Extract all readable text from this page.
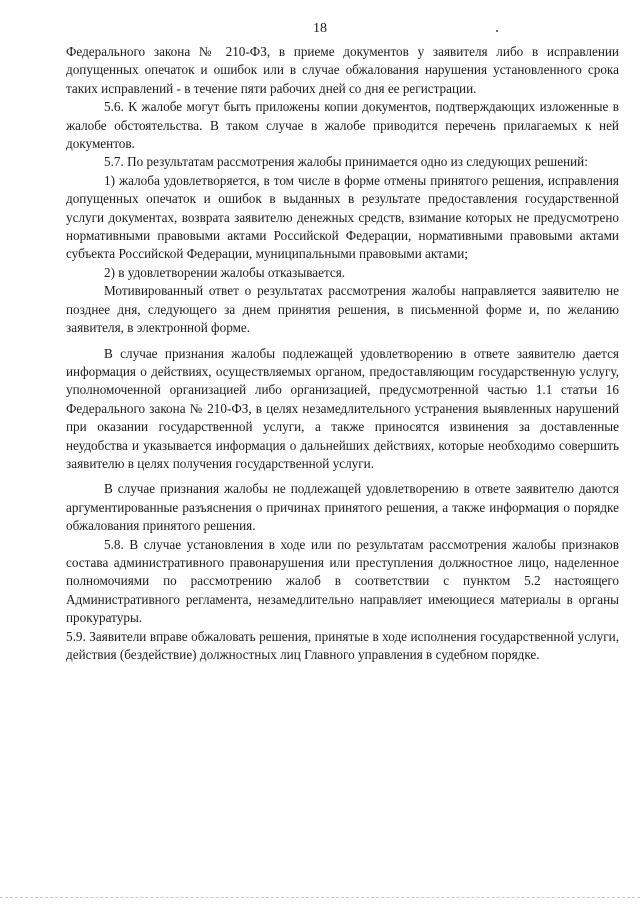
18

Федерального закона № 210-ФЗ, в приеме документов у заявителя либо в исправлении допущенных опечаток и ошибок или в случае обжалования нарушения установленного срока таких исправлений - в течение пяти рабочих дней со дня ее регистрации.

5.6. К жалобе могут быть приложены копии документов, подтверждающих изложенные в жалобе обстоятельства. В таком случае в жалобе приводится перечень прилагаемых к ней документов.

5.7. По результатам рассмотрения жалобы принимается одно из следующих решений:

1) жалоба удовлетворяется, в том числе в форме отмены принятого решения, исправления допущенных опечаток и ошибок в выданных в результате предоставления государственной услуги документах, возврата заявителю денежных средств, взимание которых не предусмотрено нормативными правовыми актами Российской Федерации, нормативными правовыми актами субъекта Российской Федерации, муниципальными правовыми актами;

2) в удовлетворении жалобы отказывается.

Мотивированный ответ о результатах рассмотрения жалобы направляется заявителю не позднее дня, следующего за днем принятия решения, в письменной форме и, по желанию заявителя, в электронной форме.

В случае признания жалобы подлежащей удовлетворению в ответе заявителю дается информация о действиях, осуществляемых органом, предоставляющим государственную услугу, уполномоченной организацией либо организацией, предусмотренной частью 1.1 статьи 16 Федерального закона № 210-ФЗ, в целях незамедлительного устранения выявленных нарушений при оказании государственной услуги, а также приносятся извинения за доставленные неудобства и указывается информация о дальнейших действиях, которые необходимо совершить заявителю в целях получения государственной услуги.

В случае признания жалобы не подлежащей удовлетворению в ответе заявителю даются аргументированные разъяснения о причинах принятого решения, а также информация о порядке обжалования принятого решения.

5.8. В случае установления в ходе или по результатам рассмотрения жалобы признаков состава административного правонарушения или преступления должностное лицо, наделенное полномочиями по рассмотрению жалоб в соответствии с пунктом 5.2 настоящего Административного регламента, незамедлительно направляет имеющиеся материалы в органы прокуратуры.

5.9. Заявители вправе обжаловать решения, принятые в ходе исполнения государственной услуги, действия (бездействие) должностных лиц Главного управления в судебном порядке.
